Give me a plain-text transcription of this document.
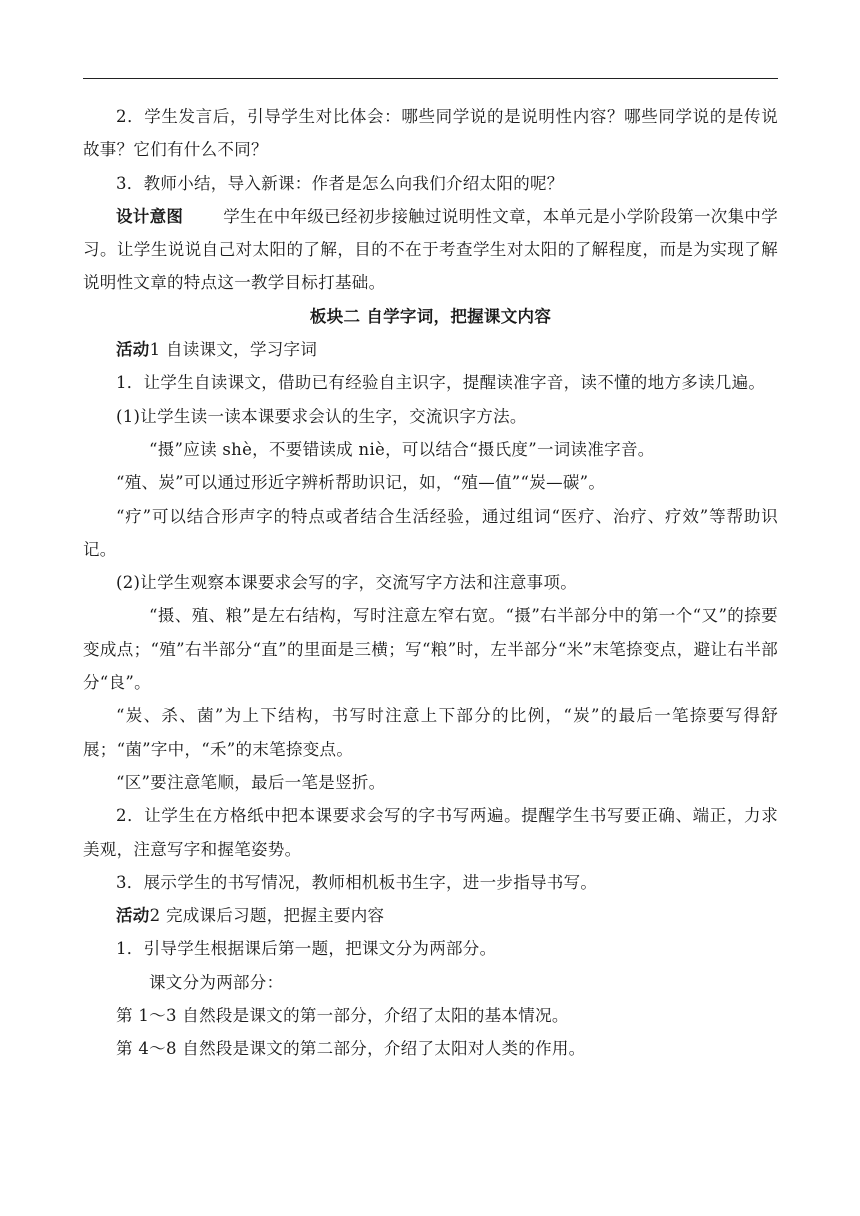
2．学生发言后，引导学生对比体会：哪些同学说的是说明性内容？哪些同学说的是传说故事？它们有什么不同？

3．教师小结，导入新课：作者是怎么向我们介绍太阳的呢？

设计意图 学生在中年级已经初步接触过说明性文章，本单元是小学阶段第一次集中学习。让学生说说自己对太阳的了解，目的不在于考查学生对太阳的了解程度，而是为实现了解说明性文章的特点这一教学目标打基础。

板块二 自学字词，把握课文内容

活动1 自读课文，学习字词

1．让学生自读课文，借助已有经验自主识字，提醒读准字音，读不懂的地方多读几遍。

(1)让学生读一读本课要求会认的生字，交流识字方法。

“摄”应读 shè，不要错读成 niè，可以结合“摄氏度”一词读准字音。

“殖、炭”可以通过形近字辨析帮助识记，如，“殖—值”“炭—碳”。

“疗”可以结合形声字的特点或者结合生活经验，通过组词“医疗、治疗、疗效”等帮助识记。

(2)让学生观察本课要求会写的字，交流写字方法和注意事项。

“摄、殖、粮”是左右结构，写时注意左窄右宽。“摄”右半部分中的第一个“又”的捺要变成点；“殖”右半部分“直”的里面是三横；写“粮”时，左半部分“米”末笔捺变点，避让右半部分“良”。

“炭、杀、菌”为上下结构，书写时注意上下部分的比例，“炭”的最后一笔捺要写得舒展；“菌”字中，“禾”的末笔捺变点。

“区”要注意笔顺，最后一笔是竖折。

2．让学生在方格纸中把本课要求会写的字书写两遍。提醒学生书写要正确、端正，力求美观，注意写字和握笔姿势。

3．展示学生的书写情况，教师相机板书生字，进一步指导书写。

活动2 完成课后习题，把握主要内容

1．引导学生根据课后第一题，把课文分为两部分。

课文分为两部分：

第 1～3 自然段是课文的第一部分，介绍了太阳的基本情况。

第 4～8 自然段是课文的第二部分，介绍了太阳对人类的作用。
